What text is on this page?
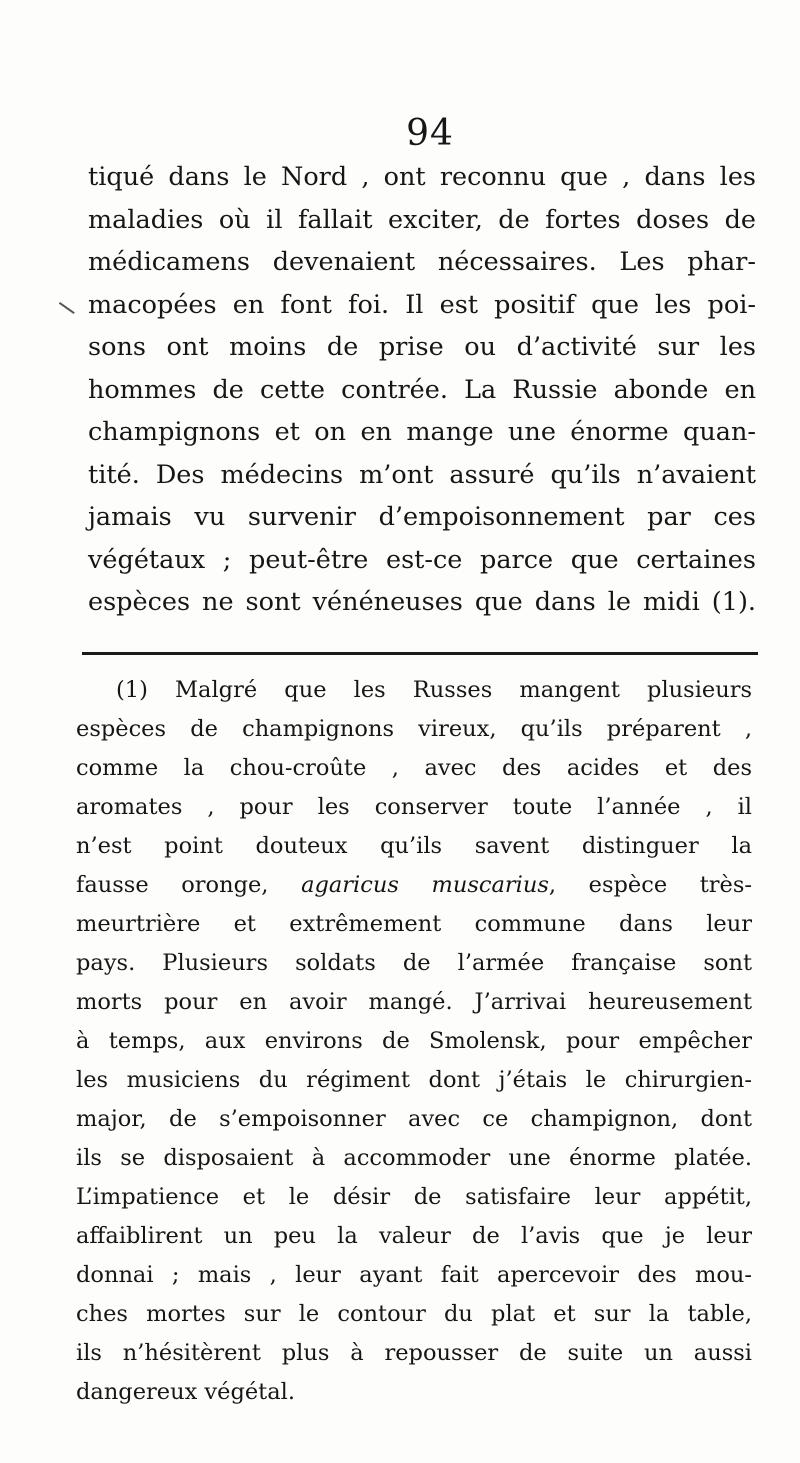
94
tiqué dans le Nord , ont reconnu que , dans les
maladies où il fallait exciter, de fortes doses de
médicamens devenaient nécessaires. Les phar-
macopées en font foi. Il est positif que les poi-
sons ont moins de prise ou d’activité sur les
hommes de cette contrée. La Russie abonde en
champignons et on en mange une énorme quan-
tité. Des médecins m’ont assuré qu’ils n’avaient
jamais vu survenir d’empoisonnement par ces
végétaux ; peut-être est-ce parce que certaines
espèces ne sont vénéneuses que dans le midi (1).
(1) Malgré que les Russes mangent plusieurs
espèces de champignons vireux, qu’ils préparent ,
comme la chou-croûte , avec des acides et des
aromates , pour les conserver toute l’année , il
n’est point douteux qu’ils savent distinguer la
fausse oronge, agaricus muscarius, espèce très-
meurtrière et extrêmement commune dans leur
pays. Plusieurs soldats de l’armée française sont
morts pour en avoir mangé. J’arrivai heureusement
à temps, aux environs de Smolensk, pour empêcher
les musiciens du régiment dont j’étais le chirurgien-
major, de s’empoisonner avec ce champignon, dont
ils se disposaient à accommoder une énorme platée.
L’impatience et le désir de satisfaire leur appétit,
affaiblirent un peu la valeur de l’avis que je leur
donnai ; mais , leur ayant fait apercevoir des mou-
ches mortes sur le contour du plat et sur la table,
ils n’hésitèrent plus à repousser de suite un aussi
dangereux végétal.
